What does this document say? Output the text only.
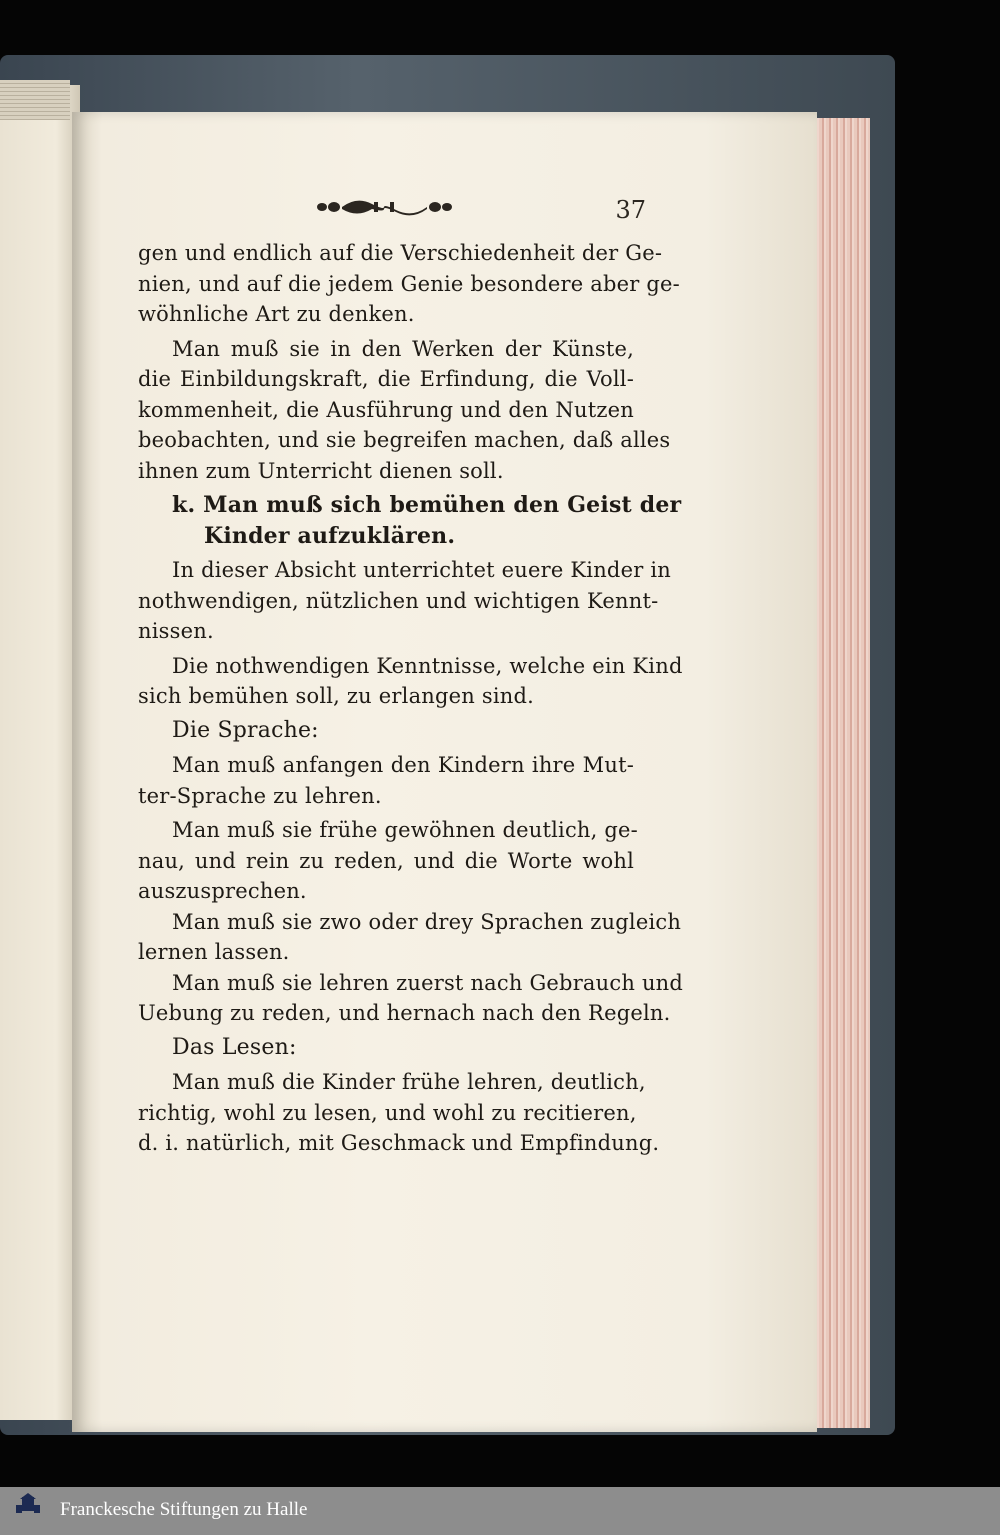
37
gen und endlich auf die Verschiedenheit der Ge-
nien, und auf die jedem Genie besondere aber ge-
wöhnliche Art zu denken.
Man muß sie in den Werken der Künste,
die Einbildungskraft, die Erfindung, die Voll-
kommenheit, die Ausführung und den Nutzen
beobachten, und sie begreifen machen, daß alles
ihnen zum Unterricht dienen soll.
k. Man muß sich bemühen den Geist der
Kinder aufzuklären.
In dieser Absicht unterrichtet euere Kinder in
nothwendigen, nützlichen und wichtigen Kennt-
nissen.
Die nothwendigen Kenntnisse, welche ein Kind
sich bemühen soll, zu erlangen sind.
Die Sprache:
Man muß anfangen den Kindern ihre Mut-
ter-Sprache zu lehren.
Man muß sie frühe gewöhnen deutlich, ge-
nau, und rein zu reden, und die Worte wohl
auszusprechen.
Man muß sie zwo oder drey Sprachen zugleich
lernen lassen.
Man muß sie lehren zuerst nach Gebrauch und
Uebung zu reden, und hernach nach den Regeln.
Das Lesen:
Man muß die Kinder frühe lehren, deutlich,
richtig, wohl zu lesen, und wohl zu recitieren,
d. i. natürlich, mit Geschmack und Empfindung.
Franckesche Stiftungen zu Halle
